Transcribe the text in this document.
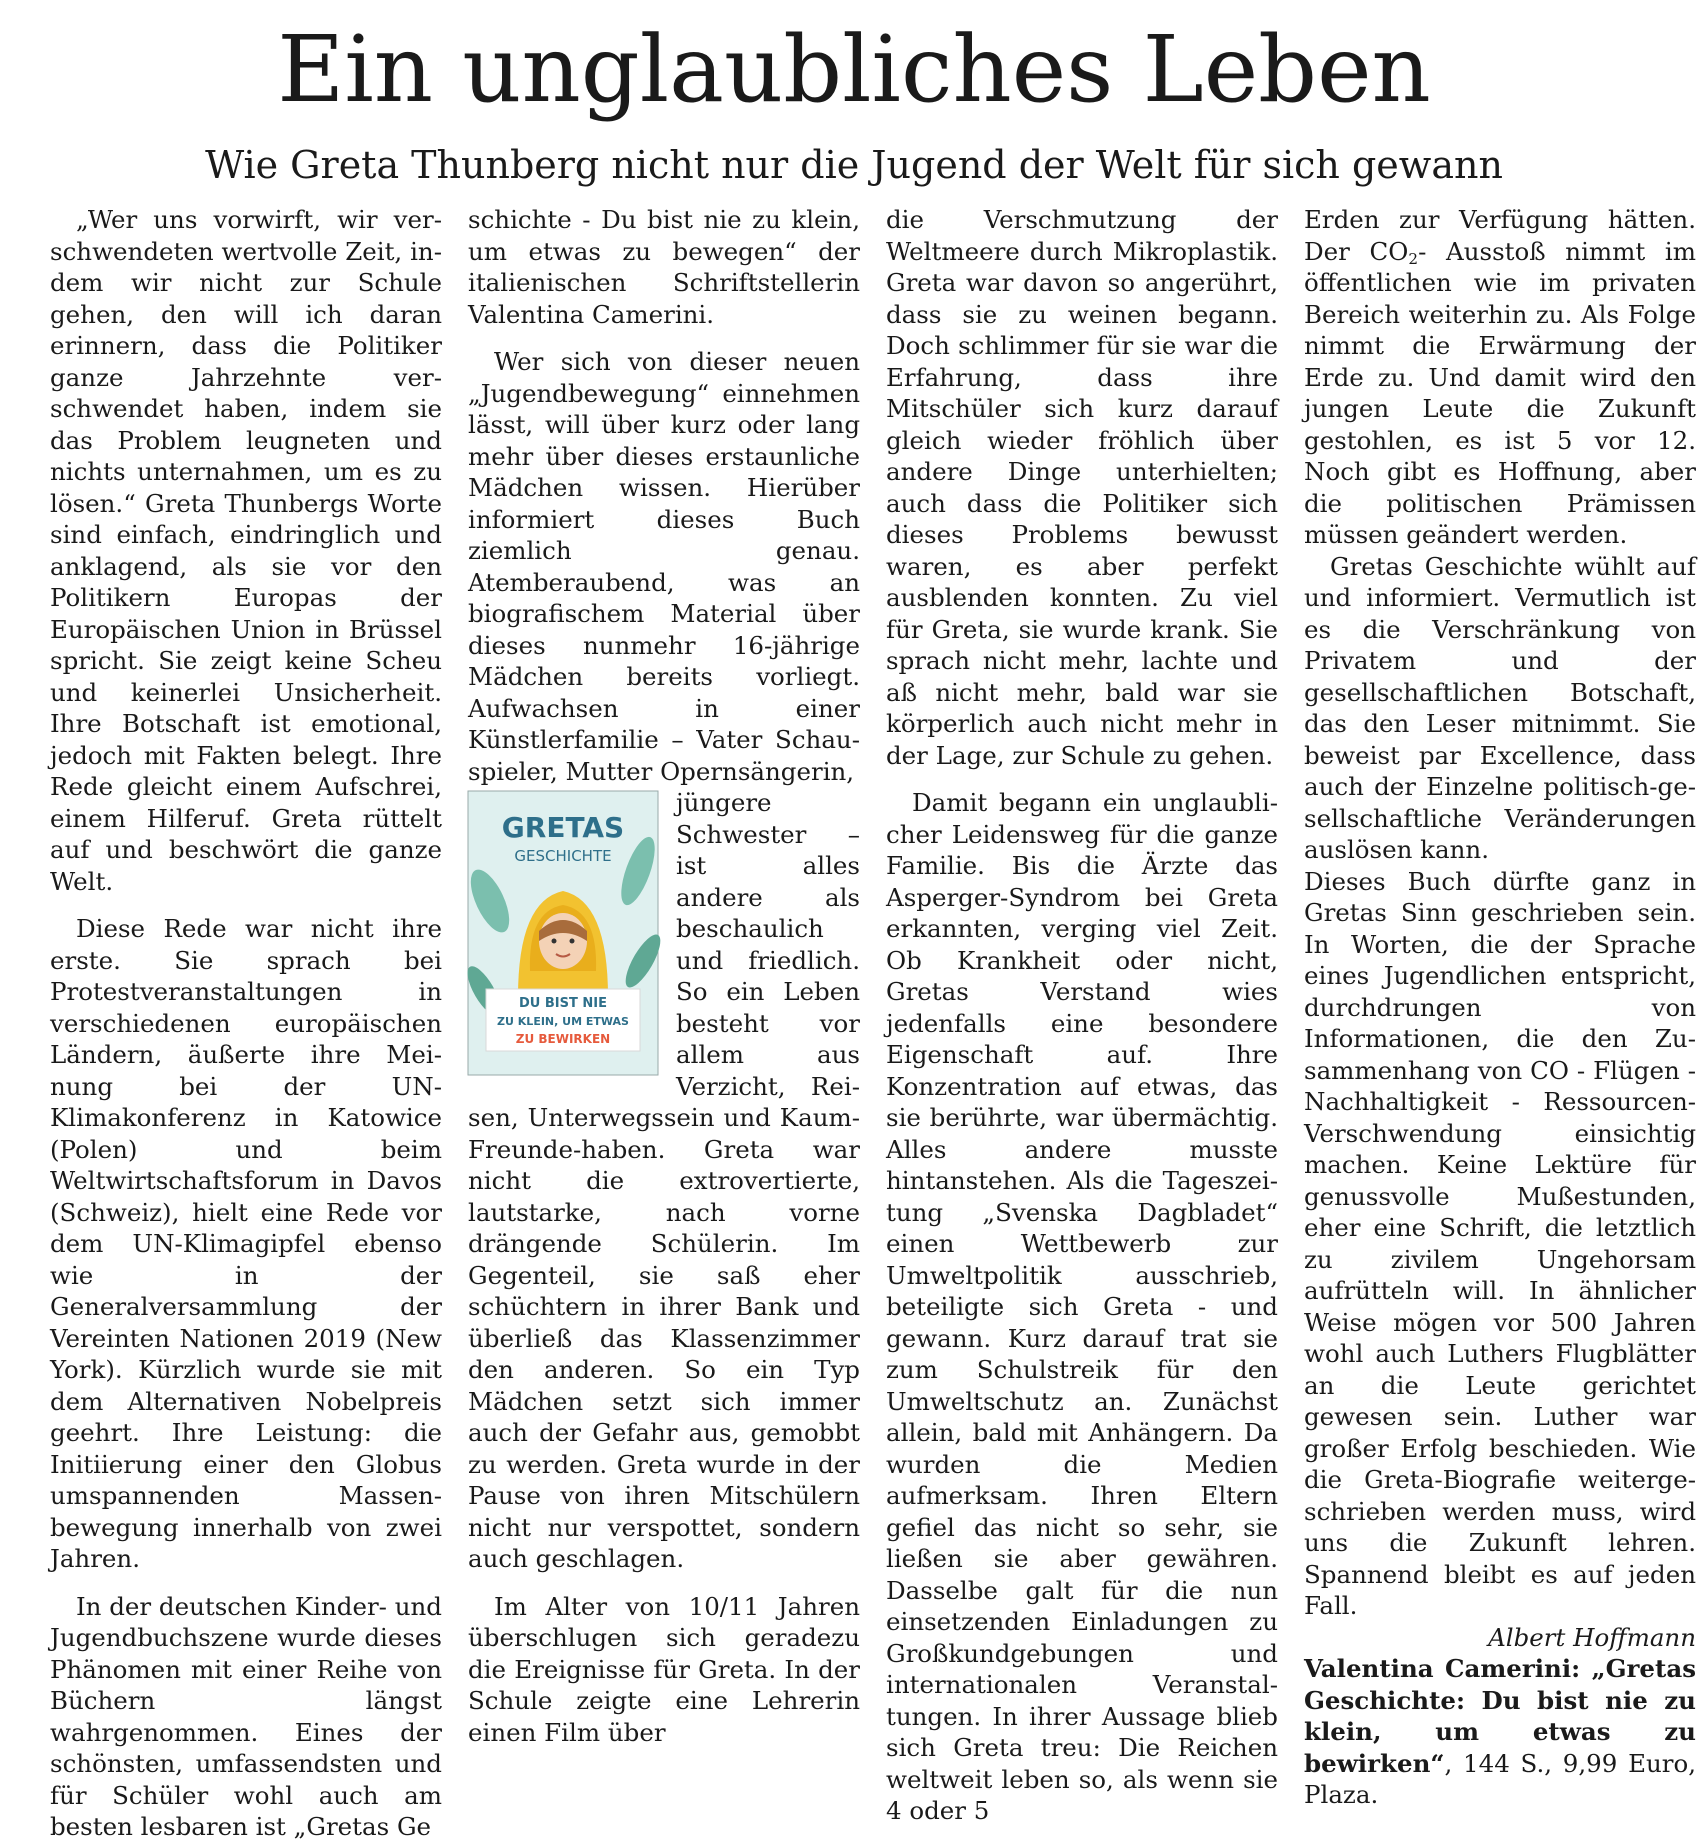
Ein unglaubliches Leben
Wie Greta Thunberg nicht nur die Jugend der Welt für sich gewann

„Wer uns vorwirft, wir verschwendeten wertvolle Zeit, indem wir nicht zur Schule gehen, den will ich daran erinnern, dass die Politiker ganze Jahrzehnte verschwendet haben, indem sie das Problem leugneten und nichts unternahmen, um es zu lösen.“ Greta Thunbergs Worte sind einfach, eindringlich und anklagend, als sie vor den Politikern Europas der Europäischen Union in Brüssel spricht. Sie zeigt keine Scheu und keinerlei Unsicherheit. Ihre Botschaft ist emotional, jedoch mit Fakten belegt. Ihre Rede gleicht einem Aufschrei, einem Hilferuf. Greta rüttelt auf und beschwört die ganze Welt.

Diese Rede war nicht ihre erste. Sie sprach bei Protestveranstaltungen in verschiedenen europäischen Ländern, äußerte ihre Meinung bei der UN-Klimakonferenz in Katowice (Polen) und beim Weltwirtschaftsforum in Davos (Schweiz), hielt eine Rede vor dem UN-Klimagipfel ebenso wie in der Generalversammlung der Vereinten Nationen 2019 (New York). Kürzlich wurde sie mit dem Alternativen Nobelpreis geehrt. Ihre Leistung: die Initiierung einer den Globus umspannenden Massenbewegung innerhalb von zwei Jahren.

In der deutschen Kinder- und Jugendbuchszene wurde dieses Phänomen mit einer Reihe von Büchern längst wahrgenommen. Eines der schönsten, umfassendsten und für Schüler wohl auch am besten lesbaren ist „Gretas Ge

schichte - Du bist nie zu klein, um etwas zu bewegen“ der italienischen Schriftstellerin Valentina Camerini.

Wer sich von dieser neuen „Jugendbewegung“ einnehmen lässt, will über kurz oder lang mehr über dieses erstaunliche Mädchen wissen. Hierüber informiert dieses Buch ziemlich genau. Atemberaubend, was an biografischem Material über dieses nunmehr 16-jährige Mädchen bereits vorliegt. Aufwachsen in einer Künstlerfamilie – Vater Schauspieler, Mutter Opernsängerin,

GRETAS
GESCHICHTE
DU BIST NIE
ZU KLEIN, UM ETWAS
ZU BEWIRKEN

jüngere Schwester – ist alles andere als beschaulich und friedlich. So ein Leben besteht vor allem aus Verzicht, Reisen, Unterwegssein und Kaum-Freunde-haben. Greta war nicht die extrovertierte, lautstarke, nach vorne drängende Schülerin. Im Gegenteil, sie saß eher schüchtern in ihrer Bank und überließ das Klassenzimmer den anderen. So ein Typ Mädchen setzt sich immer auch der Gefahr aus, gemobbt zu werden. Greta wurde in der Pause von ihren Mitschülern nicht nur verspottet, sondern auch geschlagen.

Im Alter von 10/11 Jahren überschlugen sich geradezu die Ereignisse für Greta. In der Schule zeigte eine Lehrerin einen Film über

die Verschmutzung der Weltmeere durch Mikroplastik. Greta war davon so angerührt, dass sie zu weinen begann. Doch schlimmer für sie war die Erfahrung, dass ihre Mitschüler sich kurz darauf gleich wieder fröhlich über andere Dinge unterhielten; auch dass die Politiker sich dieses Problems bewusst waren, es aber perfekt ausblenden konnten. Zu viel für Greta, sie wurde krank. Sie sprach nicht mehr, lachte und aß nicht mehr, bald war sie körperlich auch nicht mehr in der Lage, zur Schule zu gehen.

Damit begann ein unglaublicher Leidensweg für die ganze Familie. Bis die Ärzte das Asperger-Syndrom bei Greta erkannten, verging viel Zeit. Ob Krankheit oder nicht, Gretas Verstand wies jedenfalls eine besondere Eigenschaft auf. Ihre Konzentration auf etwas, das sie berührte, war übermächtig. Alles andere musste hintanstehen. Als die Tageszeitung „Svenska Dagbladet“ einen Wettbewerb zur Umweltpolitik ausschrieb, beteiligte sich Greta - und gewann. Kurz darauf trat sie zum Schulstreik für den Umweltschutz an. Zunächst allein, bald mit Anhängern. Da wurden die Medien aufmerksam. Ihren Eltern gefiel das nicht so sehr, sie ließen sie aber gewähren. Dasselbe galt für die nun einsetzenden Einladungen zu Großkundgebungen und internationalen Veranstaltungen. In ihrer Aussage blieb sich Greta treu: Die Reichen weltweit leben so, als wenn sie 4 oder 5

Erden zur Verfügung hätten. Der $CO_2-$ Ausstoß nimmt im öffentlichen wie im privaten Bereich weiterhin zu. Als Folge nimmt die Erwärmung der Erde zu. Und damit wird den jungen Leute die Zukunft gestohlen, es ist 5 vor 12. Noch gibt es Hoffnung, aber die politischen Prämissen müssen geändert werden.

Gretas Geschichte wühlt auf und informiert. Vermutlich ist es die Verschränkung von Privatem und der gesellschaftlichen Botschaft, das den Leser mitnimmt. Sie beweist par Excellence, dass auch der Einzelne politisch-gesellschaftliche Veränderungen auslösen kann.

Dieses Buch dürfte ganz in Gretas Sinn geschrieben sein. In Worten, die der Sprache eines Jugendlichen entspricht, durchdrungen von Informationen, die den Zusammenhang von CO - Flügen - Nachhaltigkeit - Ressourcen-Verschwendung einsichtig machen. Keine Lektüre für genussvolle Mußestunden, eher eine Schrift, die letztlich zu zivilem Ungehorsam aufrütteln will. In ähnlicher Weise mögen vor 500 Jahren wohl auch Luthers Flugblätter an die Leute gerichtet gewesen sein. Luther war großer Erfolg beschieden. Wie die Greta-Biografie weitergeschrieben werden muss, wird uns die Zukunft lehren. Spannend bleibt es auf jeden Fall.

Albert Hoffmann

Valentina Camerini: „Gretas Geschichte: Du bist nie zu klein, um etwas zu bewirken“, 144 S., 9,99 Euro, Plaza.
